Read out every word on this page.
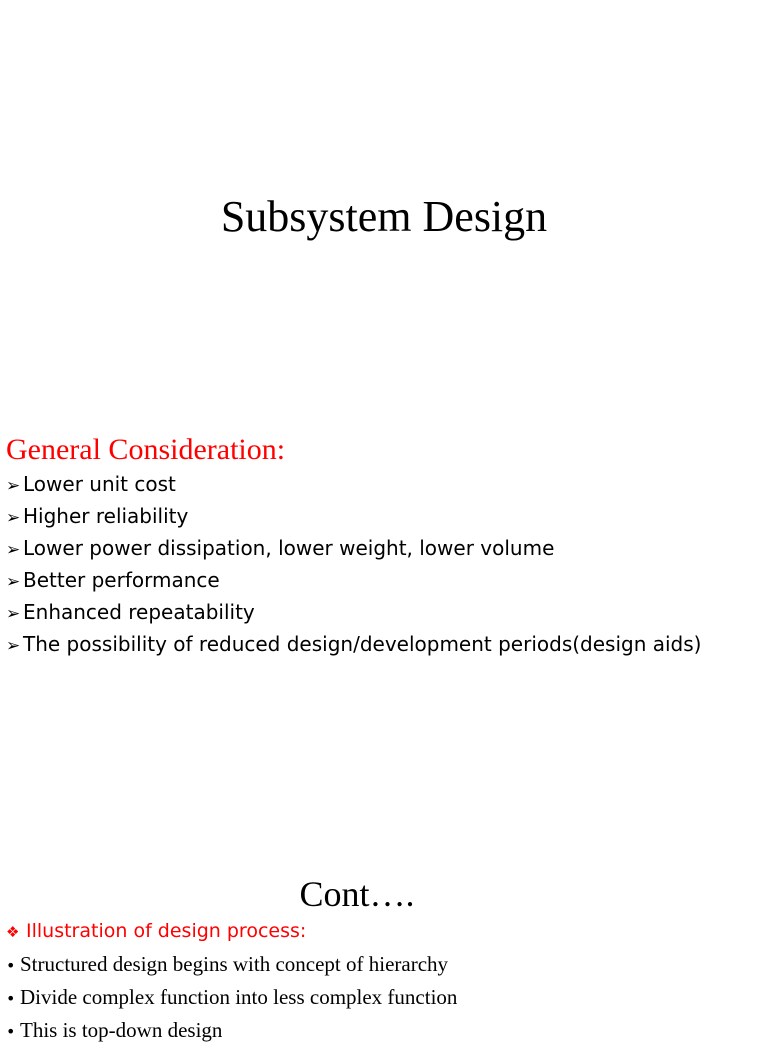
Subsystem Design
General Consideration:
➢ Lower unit cost
➢ Higher reliability
➢ Lower power dissipation, lower weight, lower volume
➢ Better performance
➢ Enhanced repeatability
➢ The possibility of reduced design/development periods(design aids)
Cont….
❖ Illustration of design process:
• Structured design begins with concept of hierarchy
• Divide complex function into less complex function
• This is top-down design
